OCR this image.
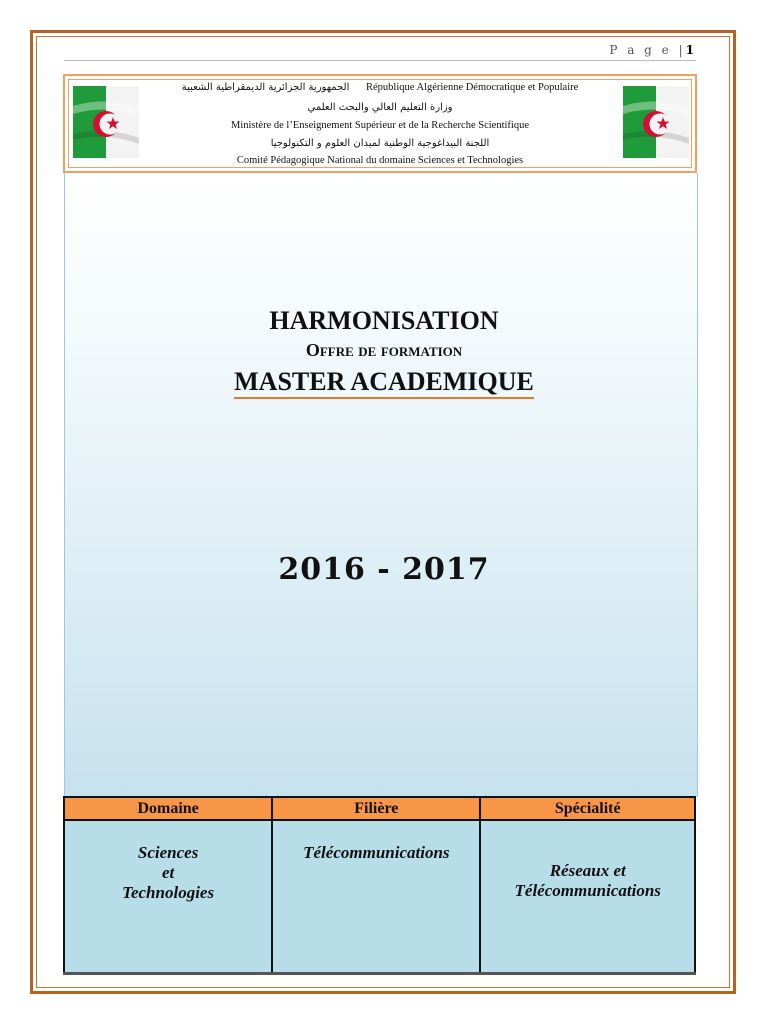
P a g e |1
الجمهورية الجزائرية الديمقراطية الشعبية République Algérienne Démocratique et Populaire
وزارة التعليم العالي والبحث العلمي
Ministère de l’Enseignement Supérieur et de la Recherche Scientifique
اللجنة البيداغوجية الوطنية لميدان العلوم و التكنولوجيا
Comité Pédagogique National du domaine Sciences et Technologies
HARMONISATION
Offre de formation
MASTER ACADEMIQUE
2016 - 2017
Domaine	Filière	Spécialité

Sciences
et
Technologies	Télécommunications	Réseaux et
Télécommunications
